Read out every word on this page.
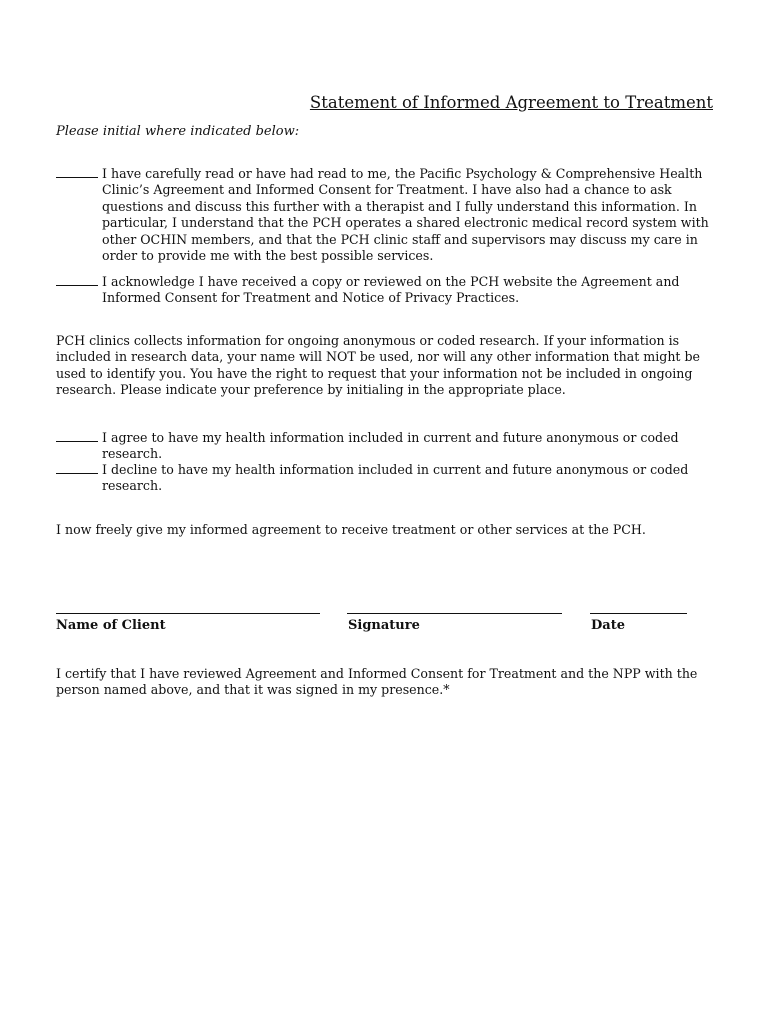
Statement of Informed Agreement to Treatment
Please initial where indicated below:
I have carefully read or have had read to me, the Pacific Psychology & Comprehensive Health Clinic’s Agreement and Informed Consent for Treatment. I have also had a chance to ask questions and discuss this further with a therapist and I fully understand this information. In particular, I understand that the PCH operates a shared electronic medical record system with other OCHIN members, and that the PCH clinic staff and supervisors may discuss my care in order to provide me with the best possible services.
I acknowledge I have received a copy or reviewed on the PCH website the Agreement and Informed Consent for Treatment and Notice of Privacy Practices.
PCH clinics collects information for ongoing anonymous or coded research. If your information is included in research data, your name will NOT be used, nor will any other information that might be used to identify you. You have the right to request that your information not be included in ongoing research. Please indicate your preference by initialing in the appropriate place.
I agree to have my health information included in current and future anonymous or coded research.
I decline to have my health information included in current and future anonymous or coded research.
I now freely give my informed agreement to receive treatment or other services at the PCH.
Name of Client	Signature	Date
I certify that I have reviewed Agreement and Informed Consent for Treatment and the NPP with the person named above, and that it was signed in my presence.*
